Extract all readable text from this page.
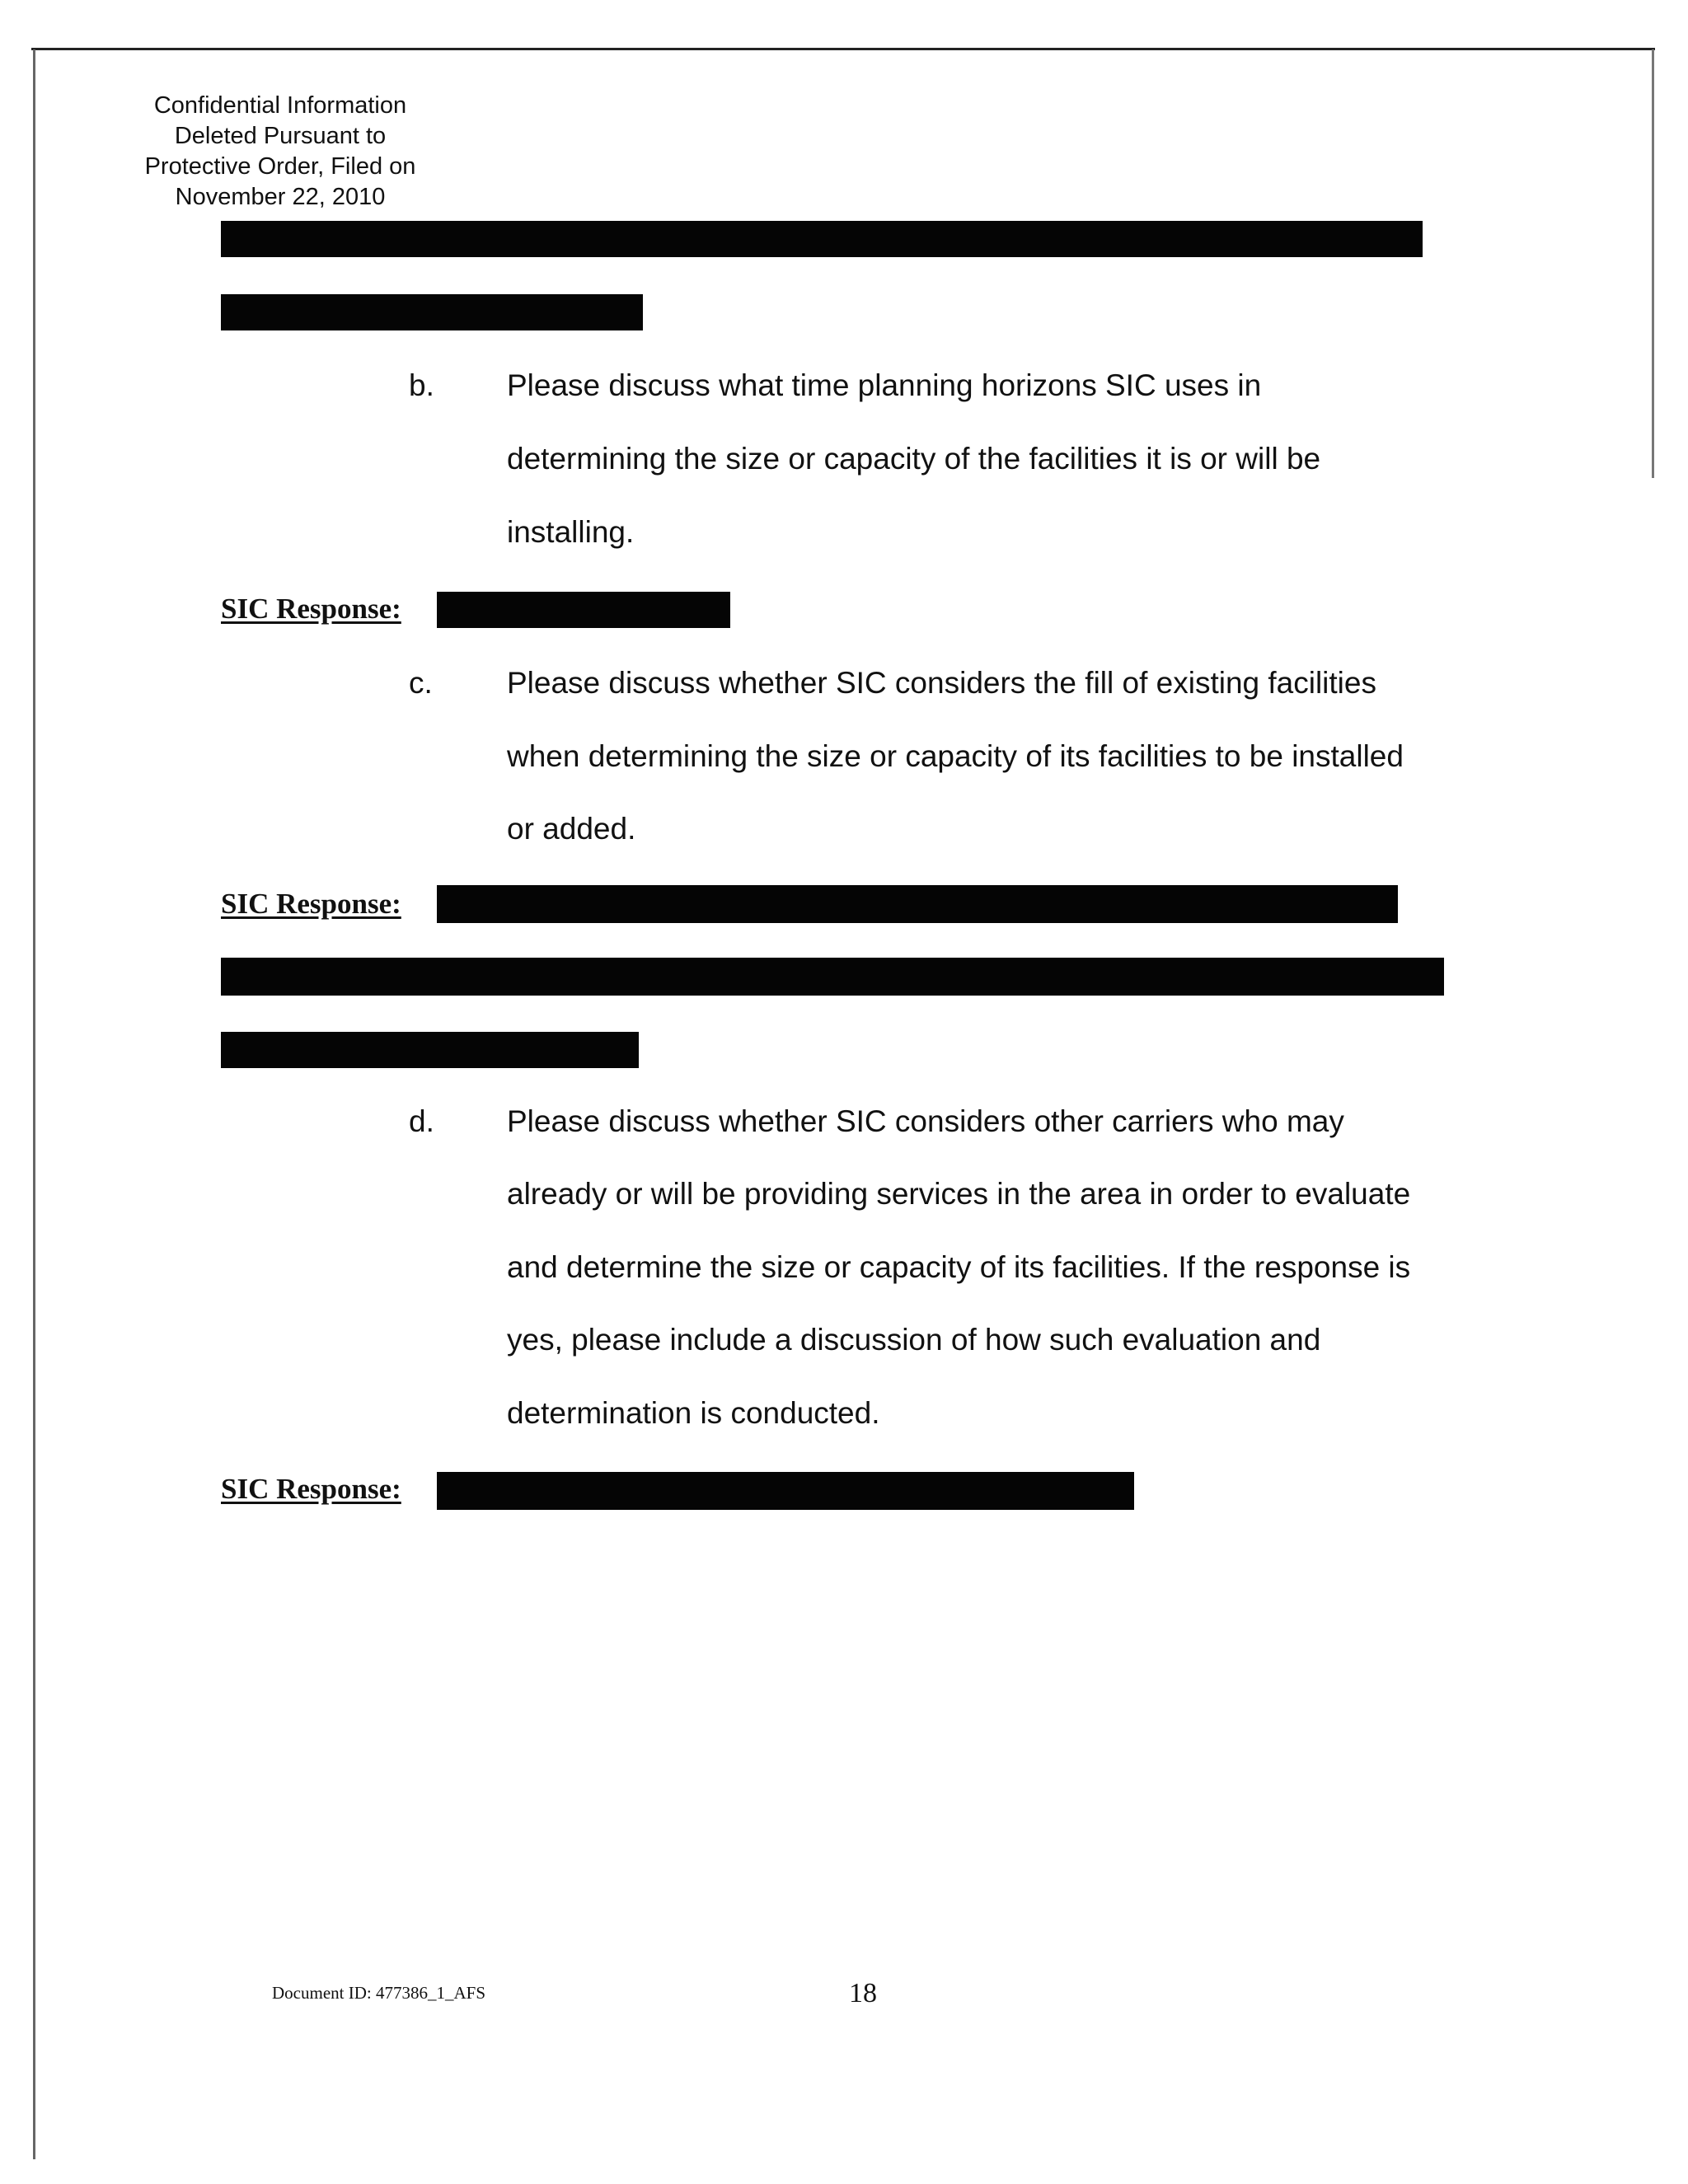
Confidential Information
Deleted Pursuant to
Protective Order, Filed on
November 22, 2010
b. Please discuss what time planning horizons SIC uses in
determining the size or capacity of the facilities it is or will be
installing.
SIC Response:
c. Please discuss whether SIC considers the fill of existing facilities
when determining the size or capacity of its facilities to be installed
or added.
SIC Response:
d. Please discuss whether SIC considers other carriers who may
already or will be providing services in the area in order to evaluate
and determine the size or capacity of its facilities. If the response is
yes, please include a discussion of how such evaluation and
determination is conducted.
SIC Response:
Document ID: 477386_1_AFS	18
